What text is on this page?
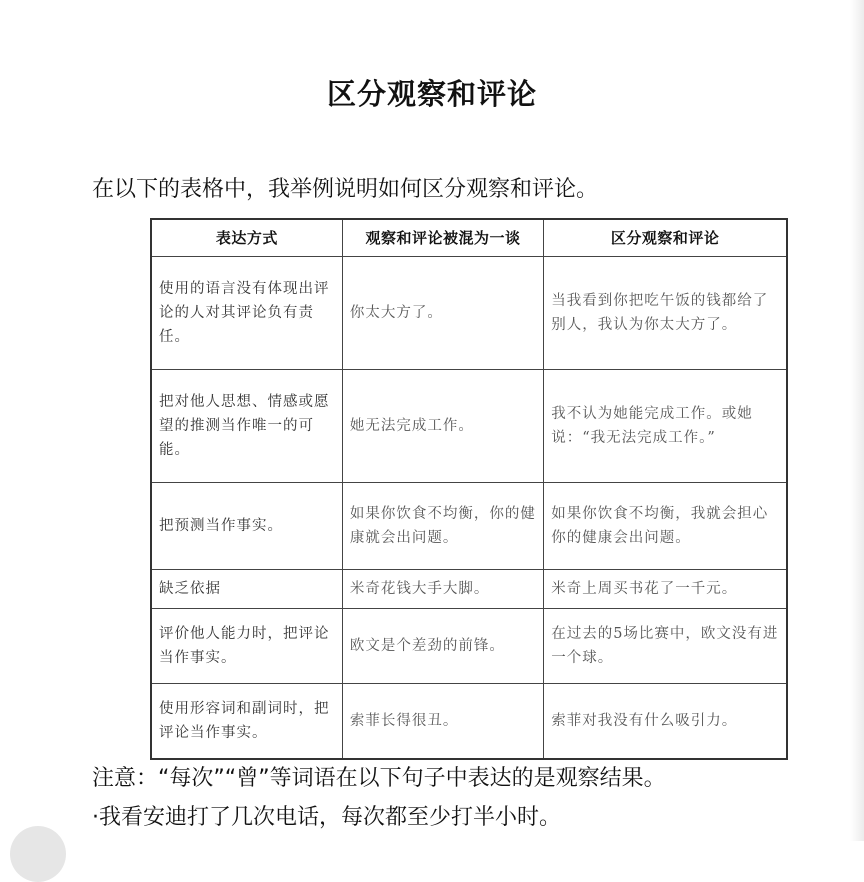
区分观察和评论

在以下的表格中，我举例说明如何区分观察和评论。

表达方式	观察和评论被混为一谈	区分观察和评论
使用的语言没有体现出评论的人对其评论负有责任。	你太大方了。	当我看到你把吃午饭的钱都给了别人，我认为你太大方了。
把对他人思想、情感或愿望的推测当作唯一的可能。	她无法完成工作。	我不认为她能完成工作。或她说：“我无法完成工作。”
把预测当作事实。	如果你饮食不均衡，你的健康就会出问题。	如果你饮食不均衡，我就会担心你的健康会出问题。
缺乏依据	米奇花钱大手大脚。	米奇上周买书花了一千元。
评价他人能力时，把评论当作事实。	欧文是个差劲的前锋。	在过去的5场比赛中，欧文没有进一个球。
使用形容词和副词时，把评论当作事实。	索菲长得很丑。	索菲对我没有什么吸引力。

注意：“每次”“曾”等词语在以下句子中表达的是观察结果。

·我看安迪打了几次电话，每次都至少打半小时。
